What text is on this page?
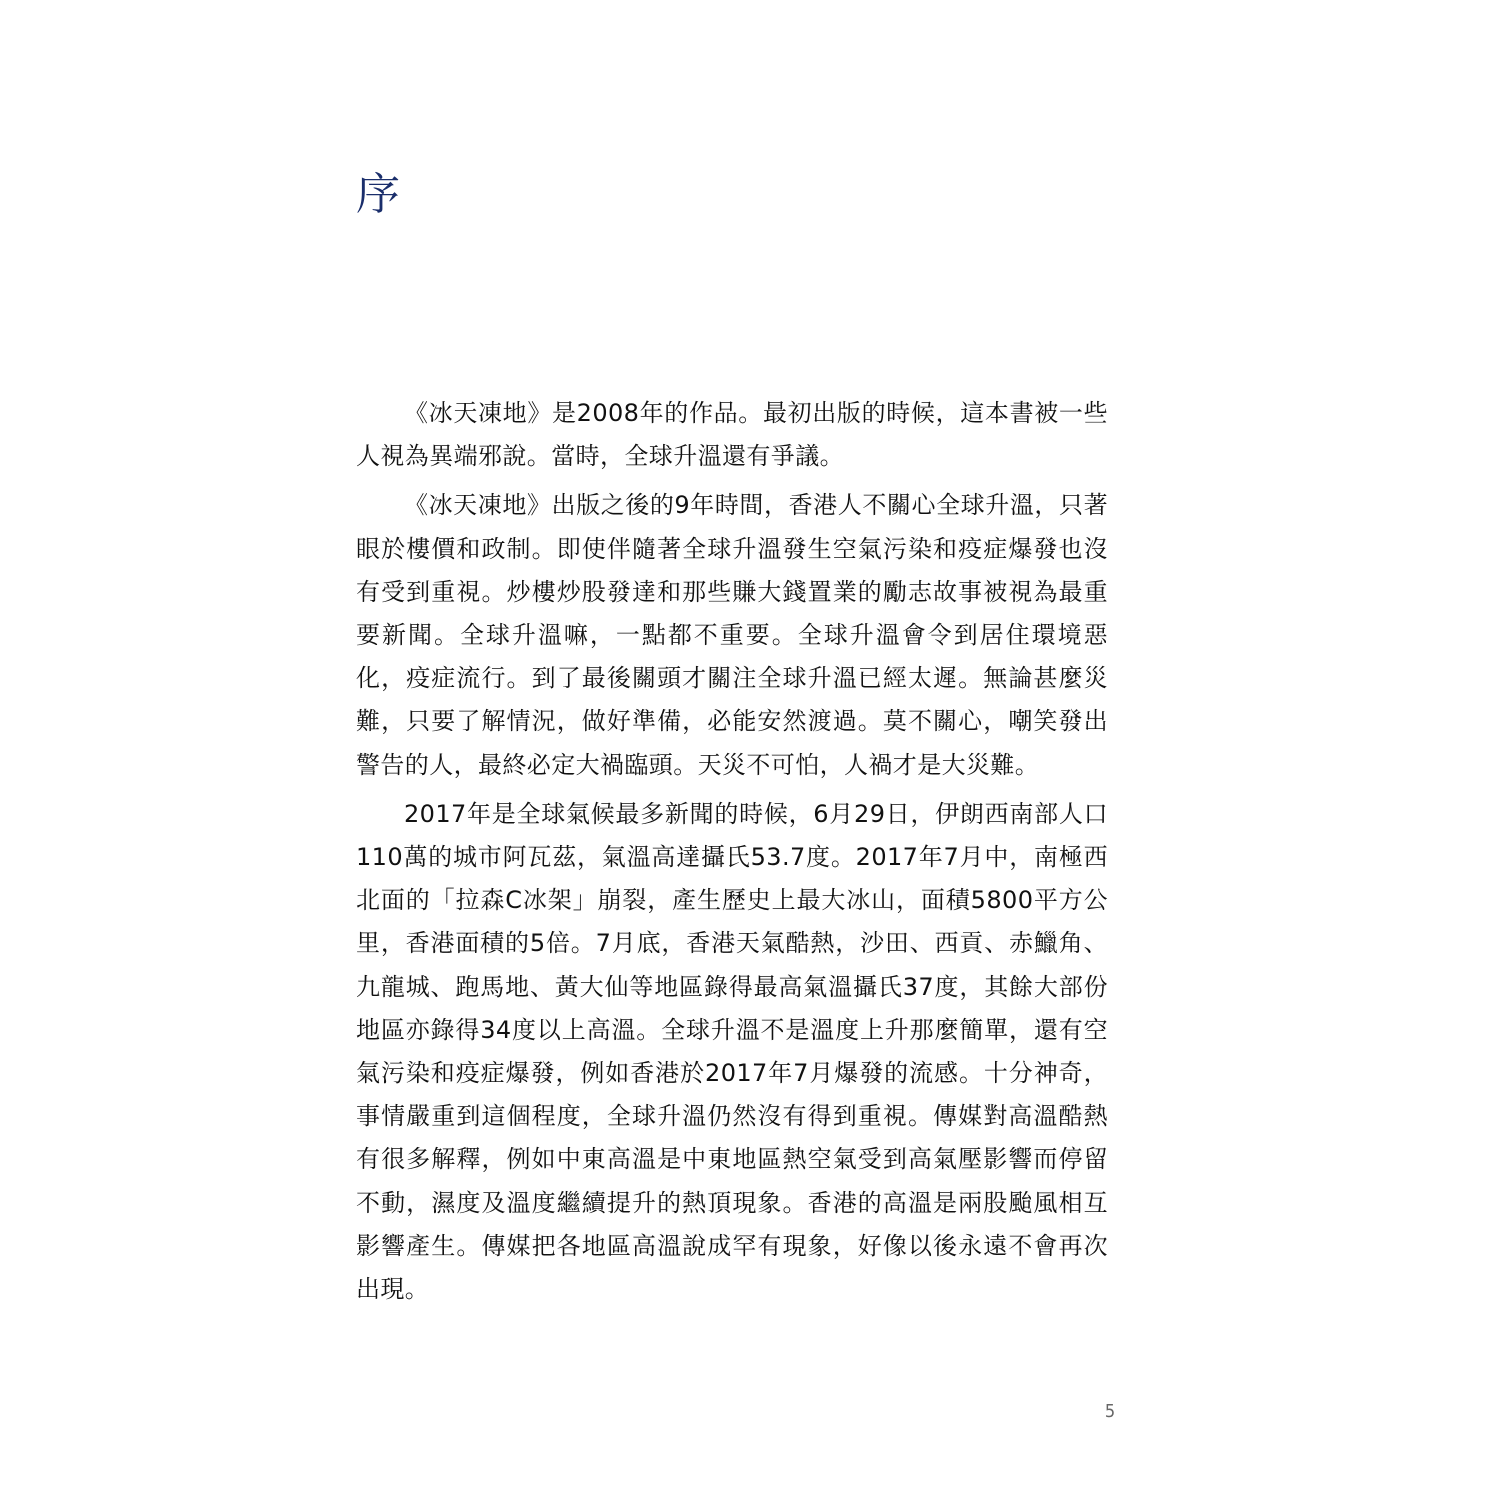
序

《冰天凍地》是2008年的作品。最初出版的時候，這本書被一些人視為異端邪說。當時，全球升溫還有爭議。

《冰天凍地》出版之後的9年時間，香港人不關心全球升溫，只著眼於樓價和政制。即使伴隨著全球升溫發生空氣污染和疫症爆發也沒有受到重視。炒樓炒股發達和那些賺大錢置業的勵志故事被視為最重要新聞。全球升溫嘛，一點都不重要。全球升溫會令到居住環境惡化，疫症流行。到了最後關頭才關注全球升溫已經太遲。無論甚麼災難，只要了解情況，做好準備，必能安然渡過。莫不關心，嘲笑發出警告的人，最終必定大禍臨頭。天災不可怕，人禍才是大災難。

2017年是全球氣候最多新聞的時候，6月29日，伊朗西南部人口110萬的城市阿瓦茲，氣溫高達攝氏53.7度。2017年7月中，南極西北面的「拉森C冰架」崩裂，產生歷史上最大冰山，面積5800平方公里，香港面積的5倍。7月底，香港天氣酷熱，沙田、西貢、赤鱲角、九龍城、跑馬地、黃大仙等地區錄得最高氣溫攝氏37度，其餘大部份地區亦錄得34度以上高溫。全球升溫不是溫度上升那麼簡單，還有空氣污染和疫症爆發，例如香港於2017年7月爆發的流感。十分神奇，事情嚴重到這個程度，全球升溫仍然沒有得到重視。傳媒對高溫酷熱有很多解釋，例如中東高溫是中東地區熱空氣受到高氣壓影響而停留不動，濕度及溫度繼續提升的熱頂現象。香港的高溫是兩股颱風相互影響產生。傳媒把各地區高溫說成罕有現象，好像以後永遠不會再次出現。

5
